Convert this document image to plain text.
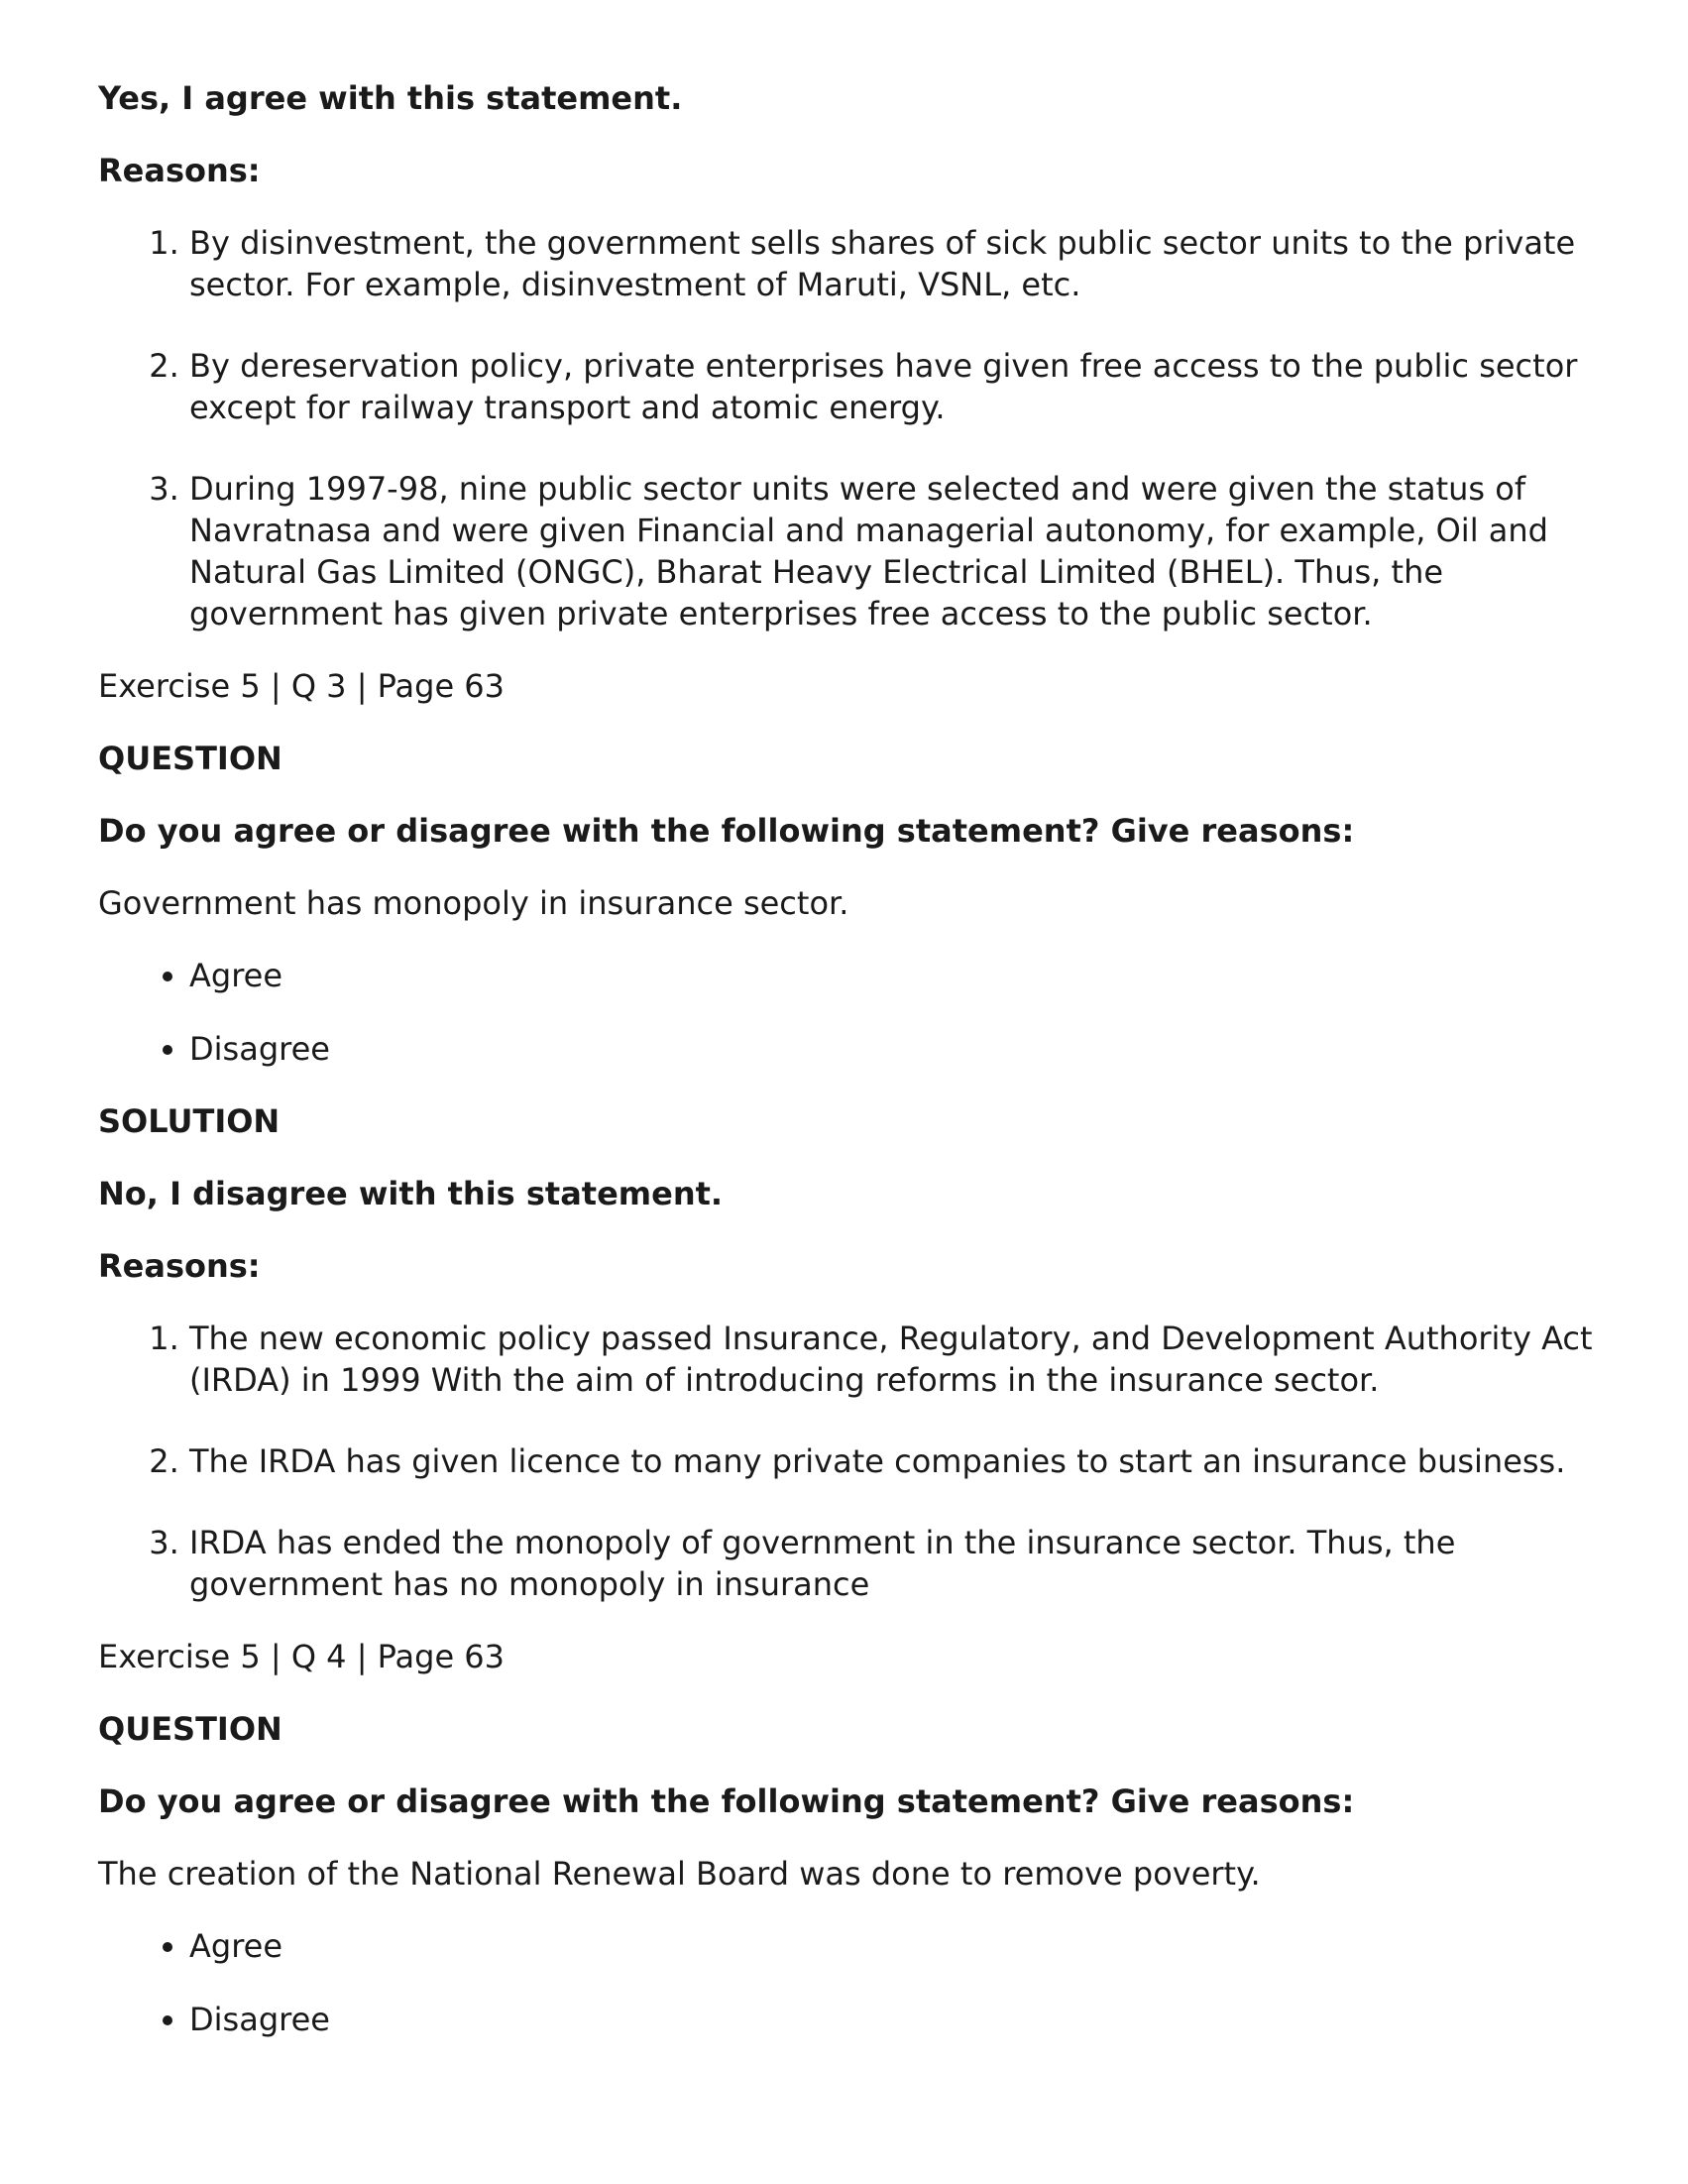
Yes, I agree with this statement.

Reasons:

1. By disinvestment, the government sells shares of sick public sector units to the private sector. For example, disinvestment of Maruti, VSNL, etc.
2. By dereservation policy, private enterprises have given free access to the public sector except for railway transport and atomic energy.
3. During 1997-98, nine public sector units were selected and were given the status of Navratnasa and were given Financial and managerial autonomy, for example, Oil and Natural Gas Limited (ONGC), Bharat Heavy Electrical Limited (BHEL). Thus, the government has given private enterprises free access to the public sector.

Exercise 5 | Q 3 | Page 63

QUESTION

Do you agree or disagree with the following statement? Give reasons:

Government has monopoly in insurance sector.

• Agree
• Disagree

SOLUTION

No, I disagree with this statement.

Reasons:

1. The new economic policy passed Insurance, Regulatory, and Development Authority Act (IRDA) in 1999 With the aim of introducing reforms in the insurance sector.
2. The IRDA has given licence to many private companies to start an insurance business.
3. IRDA has ended the monopoly of government in the insurance sector. Thus, the government has no monopoly in insurance

Exercise 5 | Q 4 | Page 63

QUESTION

Do you agree or disagree with the following statement? Give reasons:

The creation of the National Renewal Board was done to remove poverty.

• Agree
• Disagree
